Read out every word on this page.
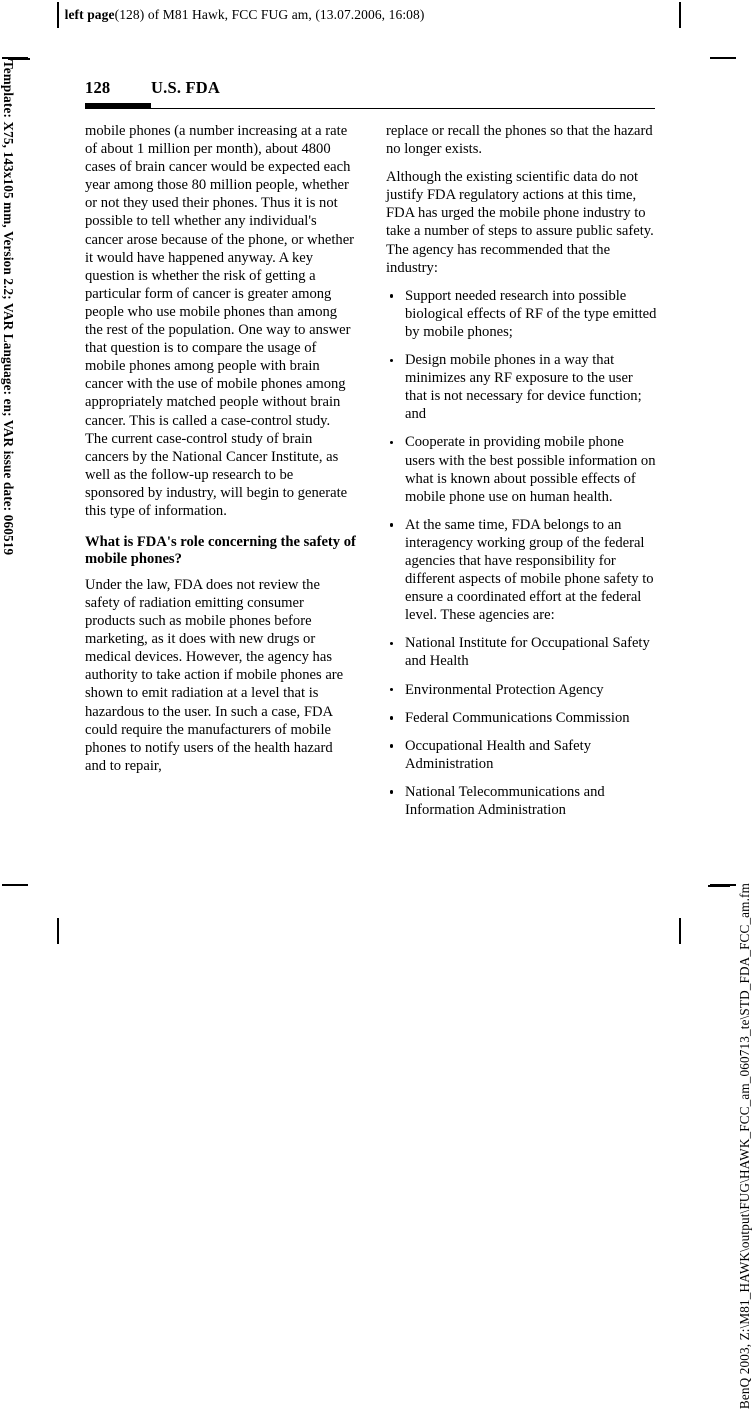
left page (128) of M81 Hawk, FCC FUG am, (13.07.2006, 16:08)
Template: X75, 143x105 mm, Version 2.2; VAR Language: en; VAR issue date: 060519
BenQ 2003, Z:\M81_HAWK\output\FUG\HAWK_FCC_am_060713_te\STD_FDA_FCC_am.fm
128	U.S. FDA

mobile phones (a number increasing at a rate of about 1 million per month), about 4800 cases of brain cancer would be expected each year among those 80 million people, whether or not they used their phones. Thus it is not possible to tell whether any individual's cancer arose because of the phone, or whether it would have happened anyway. A key question is whether the risk of getting a particular form of cancer is greater among people who use mobile phones than among the rest of the population. One way to answer that question is to compare the usage of mobile phones among people with brain cancer with the use of mobile phones among appropriately matched people without brain cancer. This is called a case-control study. The current case-control study of brain cancers by the National Cancer Institute, as well as the follow-up research to be sponsored by industry, will begin to generate this type of information.

What is FDA's role concerning the safety of mobile phones?

Under the law, FDA does not review the safety of radiation emitting consumer products such as mobile phones before marketing, as it does with new drugs or medical devices. However, the agency has authority to take action if mobile phones are shown to emit radiation at a level that is hazardous to the user. In such a case, FDA could require the manufacturers of mobile phones to notify users of the health hazard and to repair,

replace or recall the phones so that the hazard no longer exists.

Although the existing scientific data do not justify FDA regulatory actions at this time, FDA has urged the mobile phone industry to take a number of steps to assure public safety. The agency has recommended that the industry:

Support needed research into possible biological effects of RF of the type emitted by mobile phones;
Design mobile phones in a way that minimizes any RF exposure to the user that is not necessary for device function; and
Cooperate in providing mobile phone users with the best possible information on what is known about possible effects of mobile phone use on human health.
At the same time, FDA belongs to an interagency working group of the federal agencies that have responsibility for different aspects of mobile phone safety to ensure a coordinated effort at the federal level. These agencies are:
National Institute for Occupational Safety and Health
Environmental Protection Agency
Federal Communications Commission
Occupational Health and Safety Administration
National Telecommunications and Information Administration
